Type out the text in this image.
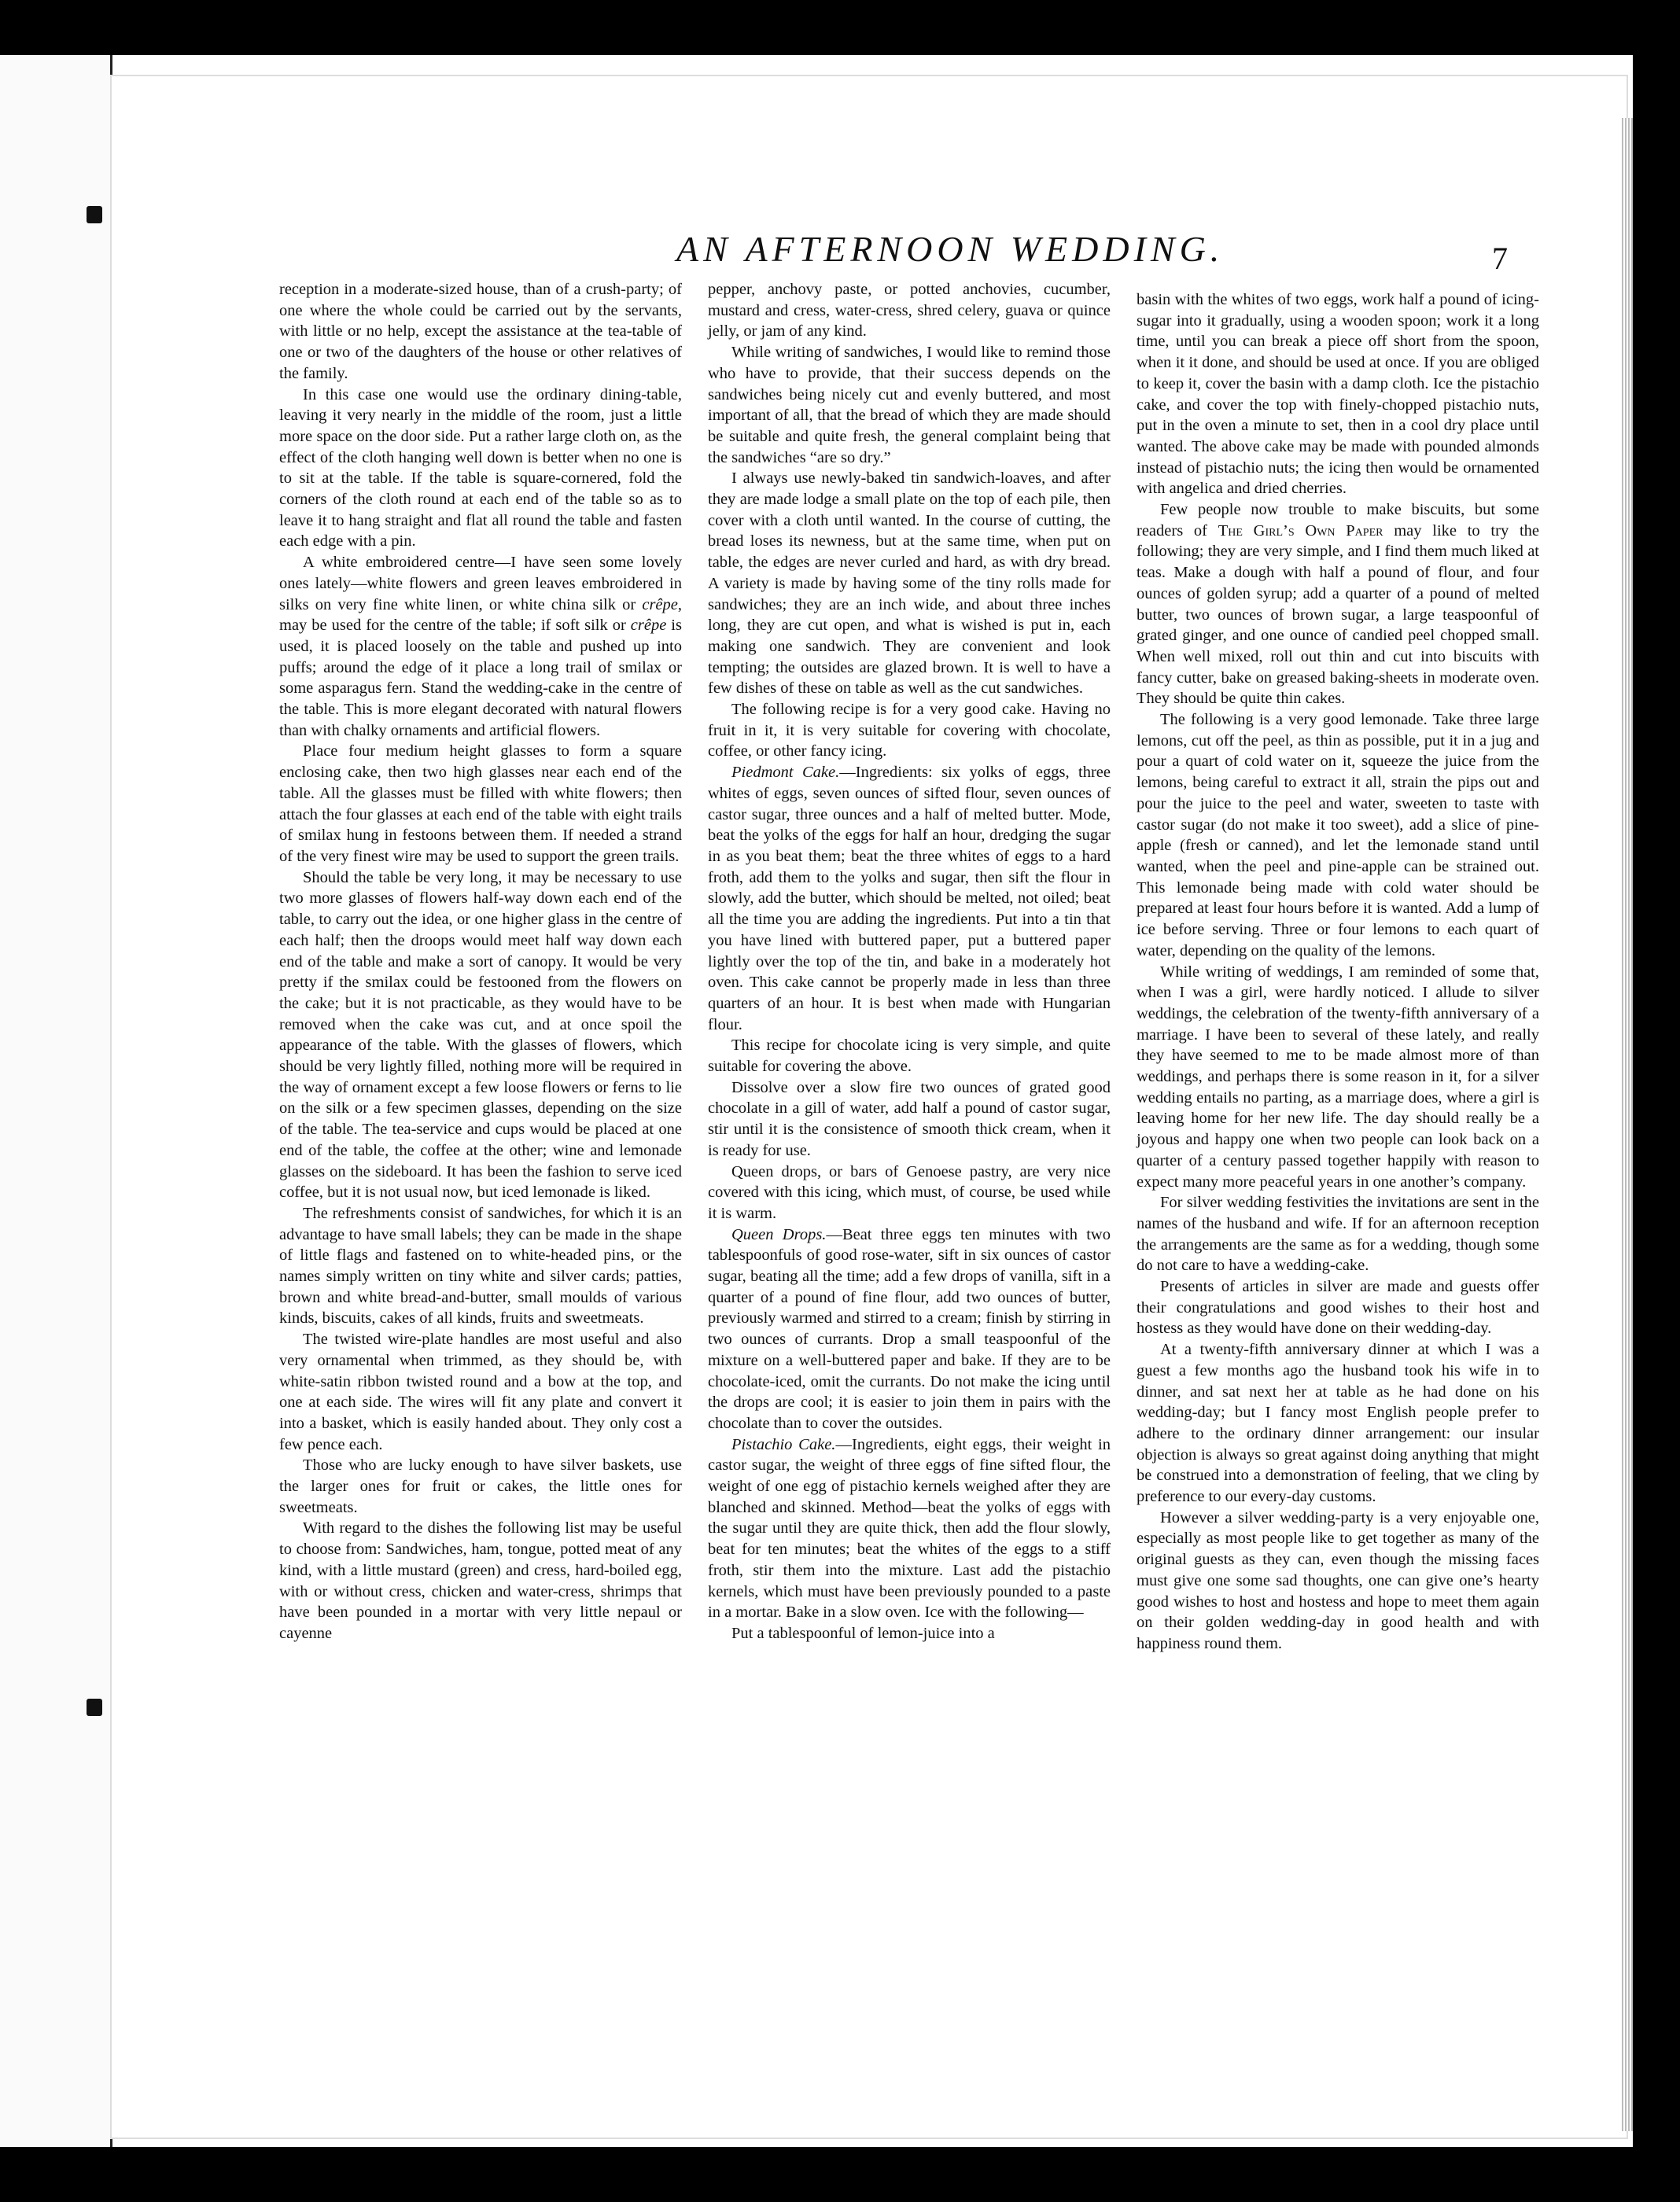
AN AFTERNOON WEDDING.	7

reception in a moderate-sized house, than of a crush-party; of one where the whole could be carried out by the servants, with little or no help, except the assistance at the tea-table of one or two of the daughters of the house or other relatives of the family.

In this case one would use the ordinary dining-table, leaving it very nearly in the middle of the room, just a little more space on the door side. Put a rather large cloth on, as the effect of the cloth hanging well down is better when no one is to sit at the table. If the table is square-cornered, fold the corners of the cloth round at each end of the table so as to leave it to hang straight and flat all round the table and fasten each edge with a pin.

A white embroidered centre—I have seen some lovely ones lately—white flowers and green leaves embroidered in silks on very fine white linen, or white china silk or crêpe, may be used for the centre of the table; if soft silk or crêpe is used, it is placed loosely on the table and pushed up into puffs; around the edge of it place a long trail of smilax or some asparagus fern. Stand the wedding-cake in the centre of the table. This is more elegant decorated with natural flowers than with chalky ornaments and artificial flowers.

Place four medium height glasses to form a square enclosing cake, then two high glasses near each end of the table. All the glasses must be filled with white flowers; then attach the four glasses at each end of the table with eight trails of smilax hung in festoons between them. If needed a strand of the very finest wire may be used to support the green trails.

Should the table be very long, it may be necessary to use two more glasses of flowers half-way down each end of the table, to carry out the idea, or one higher glass in the centre of each half; then the droops would meet half way down each end of the table and make a sort of canopy. It would be very pretty if the smilax could be festooned from the flowers on the cake; but it is not practicable, as they would have to be removed when the cake was cut, and at once spoil the appearance of the table. With the glasses of flowers, which should be very lightly filled, nothing more will be required in the way of ornament except a few loose flowers or ferns to lie on the silk or a few specimen glasses, depending on the size of the table. The tea-service and cups would be placed at one end of the table, the coffee at the other; wine and lemonade glasses on the sideboard. It has been the fashion to serve iced coffee, but it is not usual now, but iced lemonade is liked.

The refreshments consist of sandwiches, for which it is an advantage to have small labels; they can be made in the shape of little flags and fastened on to white-headed pins, or the names simply written on tiny white and silver cards; patties, brown and white bread-and-butter, small moulds of various kinds, biscuits, cakes of all kinds, fruits and sweetmeats.

The twisted wire-plate handles are most useful and also very ornamental when trimmed, as they should be, with white-satin ribbon twisted round and a bow at the top, and one at each side. The wires will fit any plate and convert it into a basket, which is easily handed about. They only cost a few pence each.

Those who are lucky enough to have silver baskets, use the larger ones for fruit or cakes, the little ones for sweetmeats.

With regard to the dishes the following list may be useful to choose from: Sandwiches, ham, tongue, potted meat of any kind, with a little mustard (green) and cress, hard-boiled egg, with or without cress, chicken and water-cress, shrimps that have been pounded in a mortar with very little nepaul or cayenne

pepper, anchovy paste, or potted anchovies, cucumber, mustard and cress, water-cress, shred celery, guava or quince jelly, or jam of any kind.

While writing of sandwiches, I would like to remind those who have to provide, that their success depends on the sandwiches being nicely cut and evenly buttered, and most important of all, that the bread of which they are made should be suitable and quite fresh, the general complaint being that the sandwiches “are so dry.”

I always use newly-baked tin sandwich-loaves, and after they are made lodge a small plate on the top of each pile, then cover with a cloth until wanted. In the course of cutting, the bread loses its newness, but at the same time, when put on table, the edges are never curled and hard, as with dry bread. A variety is made by having some of the tiny rolls made for sandwiches; they are an inch wide, and about three inches long, they are cut open, and what is wished is put in, each making one sandwich. They are convenient and look tempting; the outsides are glazed brown. It is well to have a few dishes of these on table as well as the cut sandwiches.

The following recipe is for a very good cake. Having no fruit in it, it is very suitable for covering with chocolate, coffee, or other fancy icing.

Piedmont Cake.—Ingredients: six yolks of eggs, three whites of eggs, seven ounces of sifted flour, seven ounces of castor sugar, three ounces and a half of melted butter. Mode, beat the yolks of the eggs for half an hour, dredging the sugar in as you beat them; beat the three whites of eggs to a hard froth, add them to the yolks and sugar, then sift the flour in slowly, add the butter, which should be melted, not oiled; beat all the time you are adding the ingredients. Put into a tin that you have lined with buttered paper, put a buttered paper lightly over the top of the tin, and bake in a moderately hot oven. This cake cannot be properly made in less than three quarters of an hour. It is best when made with Hungarian flour.

This recipe for chocolate icing is very simple, and quite suitable for covering the above.

Dissolve over a slow fire two ounces of grated good chocolate in a gill of water, add half a pound of castor sugar, stir until it is the consistence of smooth thick cream, when it is ready for use.

Queen drops, or bars of Genoese pastry, are very nice covered with this icing, which must, of course, be used while it is warm.

Queen Drops.—Beat three eggs ten minutes with two tablespoonfuls of good rose-water, sift in six ounces of castor sugar, beating all the time; add a few drops of vanilla, sift in a quarter of a pound of fine flour, add two ounces of butter, previously warmed and stirred to a cream; finish by stirring in two ounces of currants. Drop a small teaspoonful of the mixture on a well-buttered paper and bake. If they are to be chocolate-iced, omit the currants. Do not make the icing until the drops are cool; it is easier to join them in pairs with the chocolate than to cover the outsides.

Pistachio Cake.—Ingredients, eight eggs, their weight in castor sugar, the weight of three eggs of fine sifted flour, the weight of one egg of pistachio kernels weighed after they are blanched and skinned. Method—beat the yolks of eggs with the sugar until they are quite thick, then add the flour slowly, beat for ten minutes; beat the whites of the eggs to a stiff froth, stir them into the mixture. Last add the pistachio kernels, which must have been previously pounded to a paste in a mortar. Bake in a slow oven. Ice with the following—

Put a tablespoonful of lemon-juice into a

basin with the whites of two eggs, work half a pound of icing-sugar into it gradually, using a wooden spoon; work it a long time, until you can break a piece off short from the spoon, when it it done, and should be used at once. If you are obliged to keep it, cover the basin with a damp cloth. Ice the pistachio cake, and cover the top with finely-chopped pistachio nuts, put in the oven a minute to set, then in a cool dry place until wanted. The above cake may be made with pounded almonds instead of pistachio nuts; the icing then would be ornamented with angelica and dried cherries.

Few people now trouble to make biscuits, but some readers of The Girl’s Own Paper may like to try the following; they are very simple, and I find them much liked at teas. Make a dough with half a pound of flour, and four ounces of golden syrup; add a quarter of a pound of melted butter, two ounces of brown sugar, a large teaspoonful of grated ginger, and one ounce of candied peel chopped small. When well mixed, roll out thin and cut into biscuits with fancy cutter, bake on greased baking-sheets in moderate oven. They should be quite thin cakes.

The following is a very good lemonade. Take three large lemons, cut off the peel, as thin as possible, put it in a jug and pour a quart of cold water on it, squeeze the juice from the lemons, being careful to extract it all, strain the pips out and pour the juice to the peel and water, sweeten to taste with castor sugar (do not make it too sweet), add a slice of pine-apple (fresh or canned), and let the lemonade stand until wanted, when the peel and pine-apple can be strained out. This lemonade being made with cold water should be prepared at least four hours before it is wanted. Add a lump of ice before serving. Three or four lemons to each quart of water, depending on the quality of the lemons.

While writing of weddings, I am reminded of some that, when I was a girl, were hardly noticed. I allude to silver weddings, the celebration of the twenty-fifth anniversary of a marriage. I have been to several of these lately, and really they have seemed to me to be made almost more of than weddings, and perhaps there is some reason in it, for a silver wedding entails no parting, as a marriage does, where a girl is leaving home for her new life. The day should really be a joyous and happy one when two people can look back on a quarter of a century passed together happily with reason to expect many more peaceful years in one another’s company.

For silver wedding festivities the invitations are sent in the names of the husband and wife. If for an afternoon reception the arrangements are the same as for a wedding, though some do not care to have a wedding-cake.

Presents of articles in silver are made and guests offer their congratulations and good wishes to their host and hostess as they would have done on their wedding-day.

At a twenty-fifth anniversary dinner at which I was a guest a few months ago the husband took his wife in to dinner, and sat next her at table as he had done on his wedding-day; but I fancy most English people prefer to adhere to the ordinary dinner arrangement: our insular objection is always so great against doing anything that might be construed into a demonstration of feeling, that we cling by preference to our every-day customs.

However a silver wedding-party is a very enjoyable one, especially as most people like to get together as many of the original guests as they can, even though the missing faces must give one some sad thoughts, one can give one’s hearty good wishes to host and hostess and hope to meet them again on their golden wedding-day in good health and with happiness round them.
